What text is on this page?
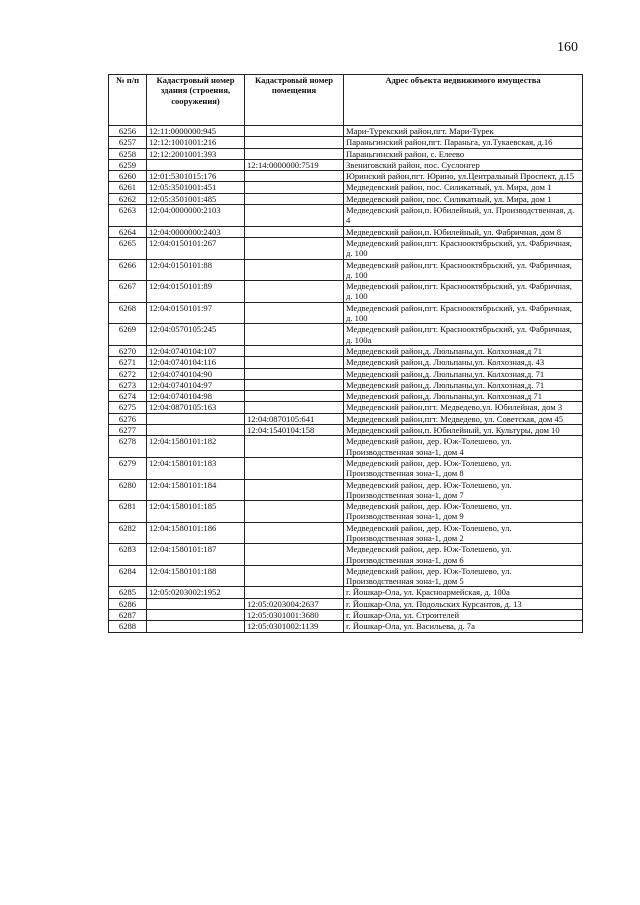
160
№ п/п	Кадастровый номер здания (строения, сооружения)	Кадастровый номер помещения	Адрес объекта недвижимого имущества
6256	12:11:0000000:945		Мари-Турекский район,пгт. Мари-Турек
6257	12:12:1001001:216		Параньгинский район,пгт. Параньга, ул.Тукаевская, д.16
6258	12:12:2001001:393		Параньгинский район, с. Елеево
6259		12:14:0000000:7519	Звениговский район, пос. Суслонгер
6260	12:01:5301015:176		Юринский район,пгт. Юрино, ул.Центральный Проспект, д.15
6261	12:05:3501001:451		Медведевский район, пос. Силикатный, ул. Мира, дом 1
6262	12:05:3501001:485		Медведевский район, пос. Силикатный, ул. Мира, дом 1
6263	12:04:0000000:2103		Медведевский район,п. Юбилейный, ул. Производственная, д. 4
6264	12:04:0000000:2403		Медведевский район,п. Юбилейный, ул. Фабричная, дом 8
6265	12:04:0150101:267		Медведевский район,пгт. Краснооктябрьский, ул. Фабричная, д. 100
6266	12:04:0150101:88		Медведевский район,пгт. Краснооктябрьский, ул. Фабричная, д. 100
6267	12:04:0150101:89		Медведевский район,пгт. Краснооктябрьский, ул. Фабричная, д. 100
6268	12:04:0150101:97		Медведевский район,пгт. Краснооктябрьский, ул. Фабричная, д. 100
6269	12:04:0570105:245		Медведевский район,пгт. Краснооктябрьский, ул. Фабричная, д. 100а
6270	12:04:0740104:107		Медведевский район,д. Люльпаны,ул. Колхозная,д 71
6271	12:04:0740104:116		Медведевский район,д. Люльпаны,ул. Колхозная,д. 43
6272	12:04:0740104:90		Медведевский район,д. Люльпаны,ул. Колхозная,д. 71
6273	12:04:0740104:97		Медведевский район,д. Люльпаны,ул. Колхозная,д. 71
6274	12:04:0740104:98		Медведевский район,д. Люльпаны,ул. Колхозная,д 71
6275	12:04:0870105:163		Медведевский район,пгт. Медведево,ул. Юбилейная, дом 3
6276		12:04:0870105:641	Медведевский район,пгт. Медведево, ул. Советская, дом 45
6277		12:04:1540104:158	Медведевский район,п. Юбилейный, ул. Культуры, дом 10
6278	12:04:1580101:182		Медведевский район, дер. Юж-Толешево, ул. Производственная зона-1, дом 4
6279	12:04:1580101:183		Медведевский район, дер. Юж-Толешево, ул. Производственная зона-1, дом 8
6280	12:04:1580101:184		Медведевский район, дер. Юж-Толешево, ул. Производственная зона-1, дом 7
6281	12:04:1580101:185		Медведевский район, дер. Юж-Толешево, ул. Производственная зона-1, дом 9
6282	12:04:1580101:186		Медведевский район, дер. Юж-Толешево, ул. Производственная зона-1, дом 2
6283	12:04:1580101:187		Медведевский район, дер. Юж-Толешево, ул. Производственная зона-1, дом 6
6284	12:04:1580101:188		Медведевский район, дер. Юж-Толешево, ул. Производственная зона-1, дом 5
6285	12:05:0203002:1952		г. Йошкар-Ола, ул. Красноармейская, д. 100а
6286		12:05:0203004:2637	г. Йошкар-Ола, ул. Подольских Курсантов, д. 13
6287		12:05:0301001:3680	г. Йошкар-Ола, ул. Строителей
6288		12:05:0301002:1139	г. Йошкар-Ола, ул. Васильева, д. 7а
